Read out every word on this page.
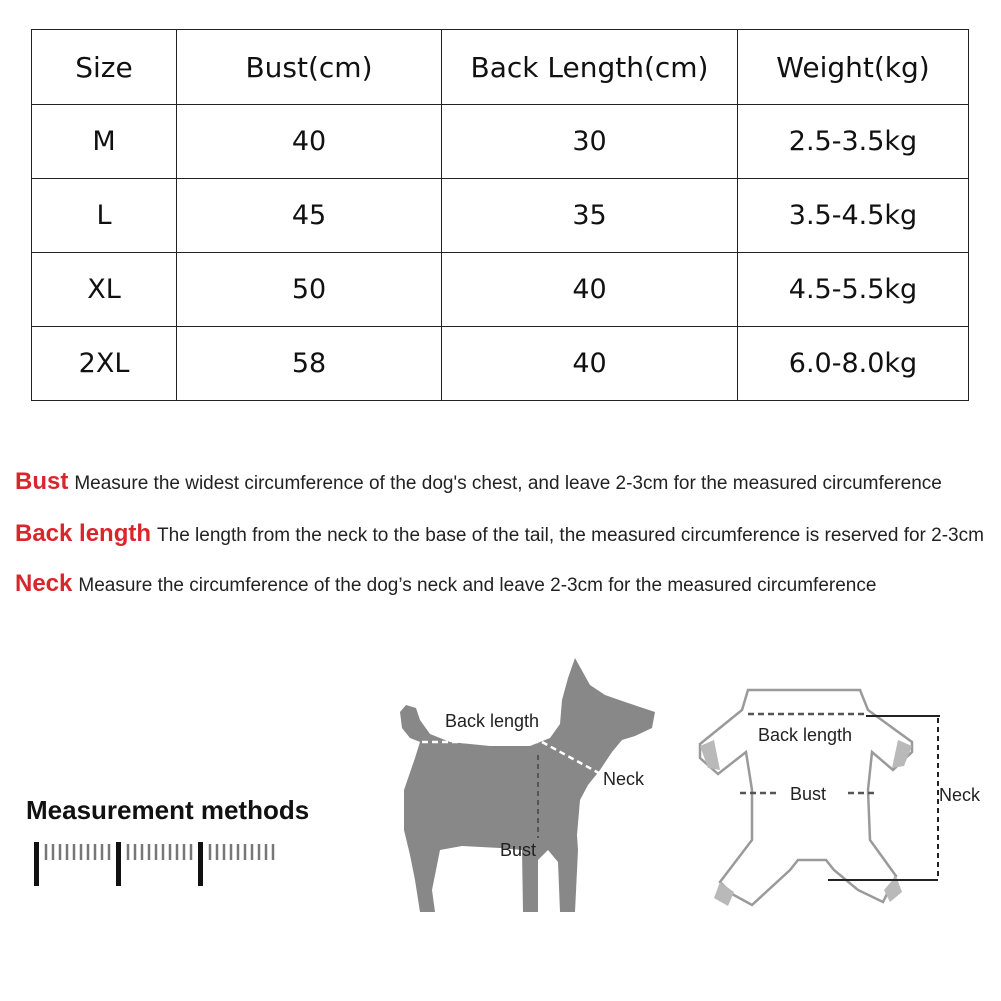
Size	Bust(cm)	Back Length(cm)	Weight(kg)
M	40	30	2.5-3.5kg
L	45	35	3.5-4.5kg
XL	50	40	4.5-5.5kg
2XL	58	40	6.0-8.0kg
Bust Measure the widest circumference of the dog's chest, and leave 2-3cm for the measured circumference
Back length The length from the neck to the base of the tail, the measured circumference is reserved for 2-3cm
Neck Measure the circumference of the dog’s neck and leave 2-3cm for the measured circumference
Measurement methods
Back length
Neck
Bust
Back length
Bust	Neck
